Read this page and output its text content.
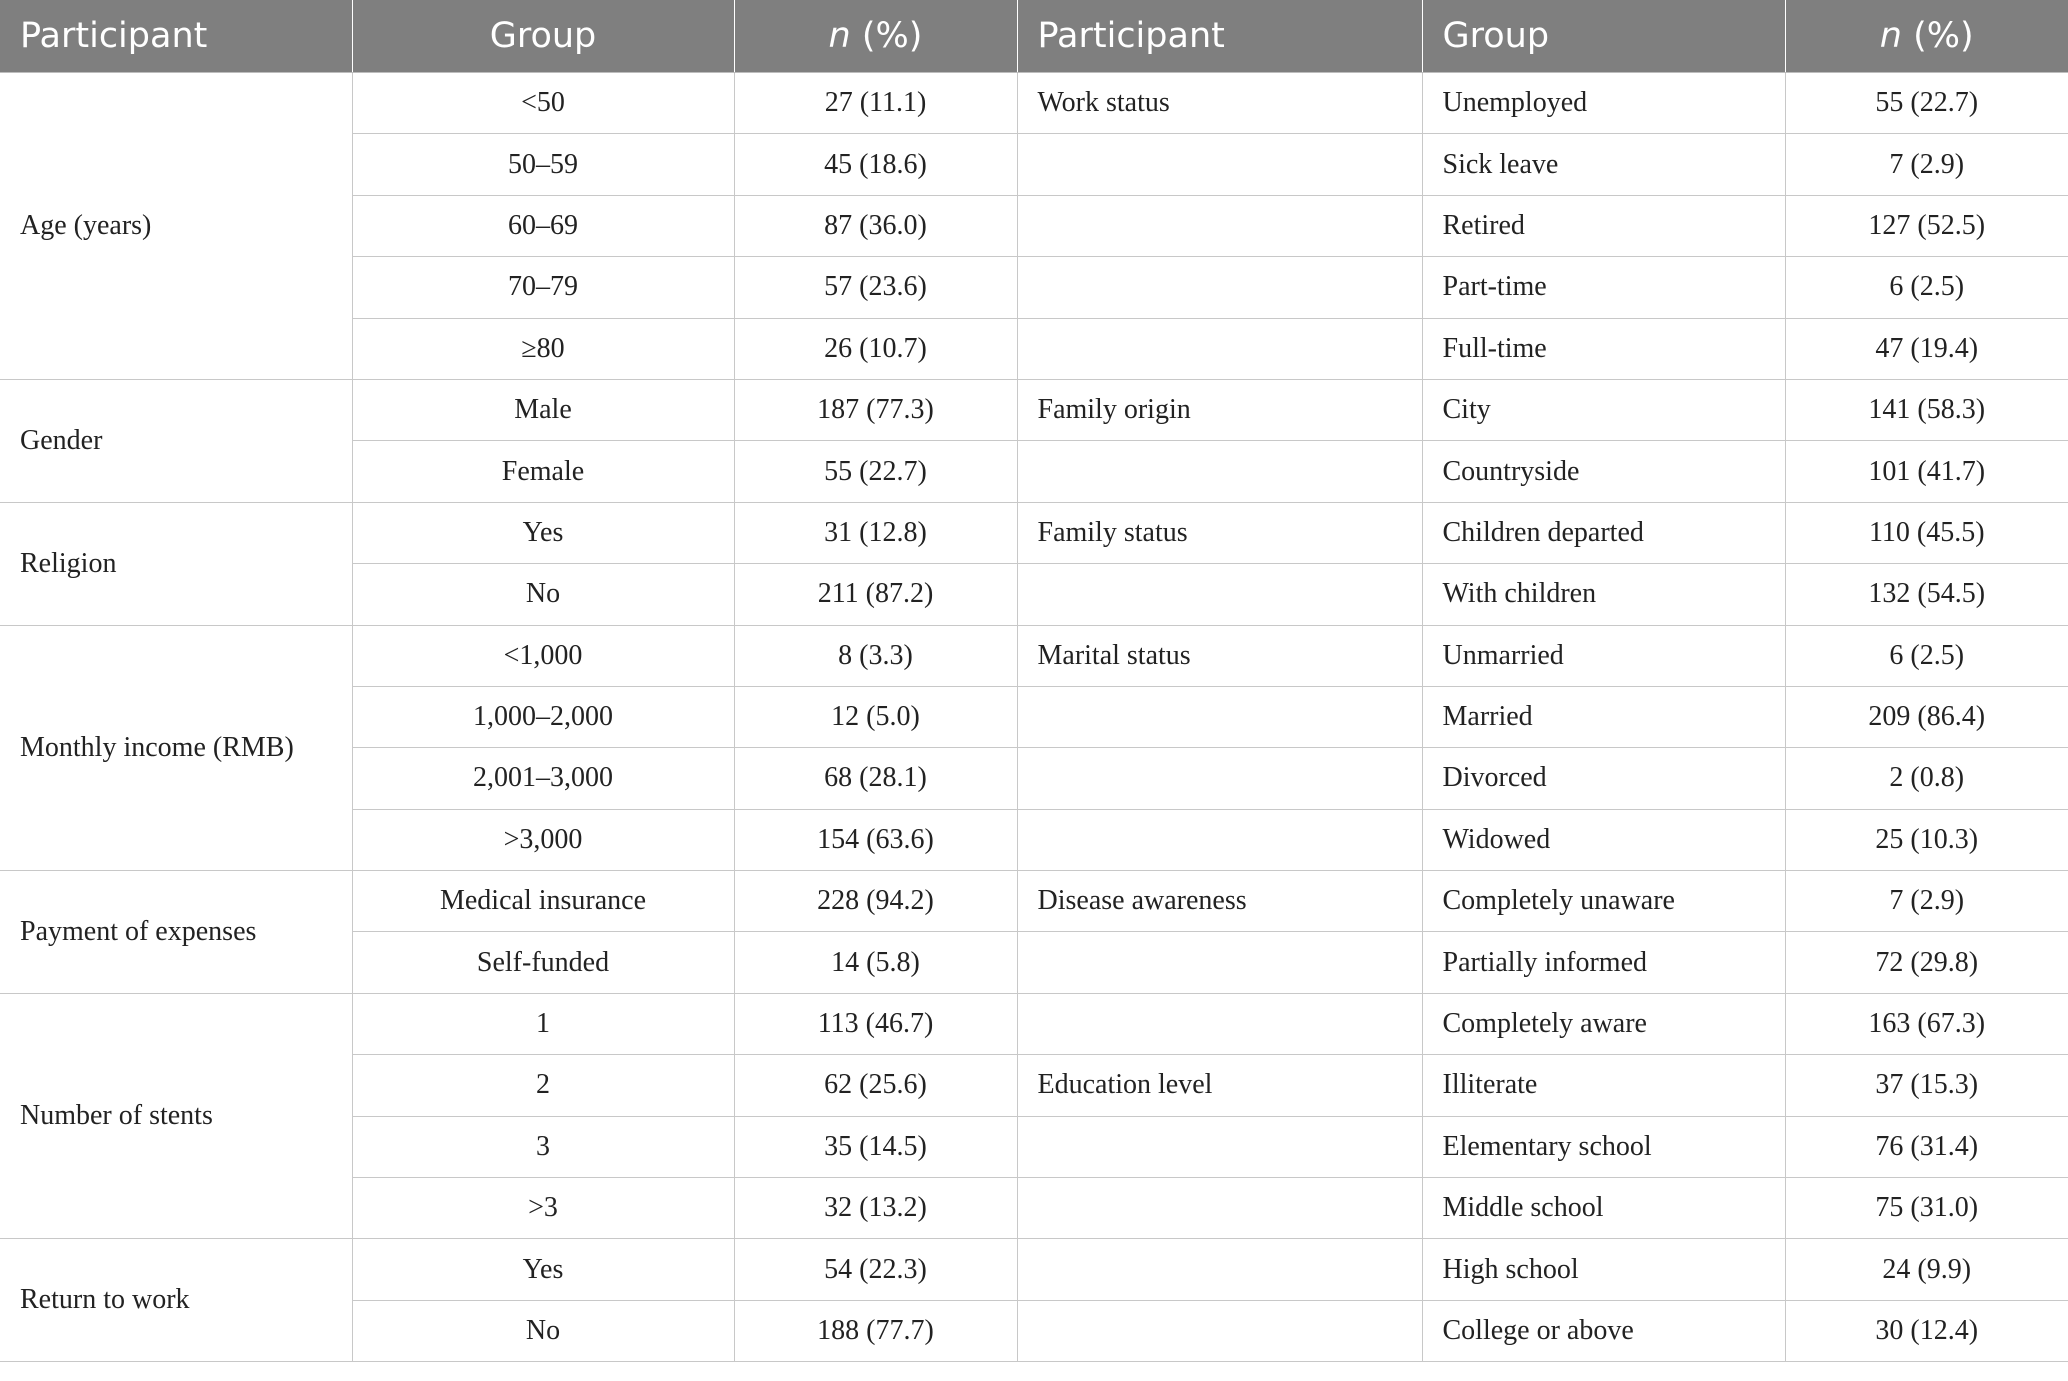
Participant	Group	n (%)	Participant	Group	n (%)
Age (years)	<50	27 (11.1)	Work status	Unemployed	55 (22.7)
	50–59	45 (18.6)		Sick leave	7 (2.9)
	60–69	87 (36.0)		Retired	127 (52.5)
	70–79	57 (23.6)		Part-time	6 (2.5)
	≥80	26 (10.7)		Full-time	47 (19.4)
Gender	Male	187 (77.3)	Family origin	City	141 (58.3)
	Female	55 (22.7)		Countryside	101 (41.7)
Religion	Yes	31 (12.8)	Family status	Children departed	110 (45.5)
	No	211 (87.2)		With children	132 (54.5)
Monthly income (RMB)	<1,000	8 (3.3)	Marital status	Unmarried	6 (2.5)
	1,000–2,000	12 (5.0)		Married	209 (86.4)
	2,001–3,000	68 (28.1)		Divorced	2 (0.8)
	>3,000	154 (63.6)		Widowed	25 (10.3)
Payment of expenses	Medical insurance	228 (94.2)	Disease awareness	Completely unaware	7 (2.9)
	Self-funded	14 (5.8)		Partially informed	72 (29.8)
Number of stents	1	113 (46.7)		Completely aware	163 (67.3)
	2	62 (25.6)	Education level	Illiterate	37 (15.3)
	3	35 (14.5)		Elementary school	76 (31.4)
	>3	32 (13.2)		Middle school	75 (31.0)
Return to work	Yes	54 (22.3)		High school	24 (9.9)
	No	188 (77.7)		College or above	30 (12.4)
